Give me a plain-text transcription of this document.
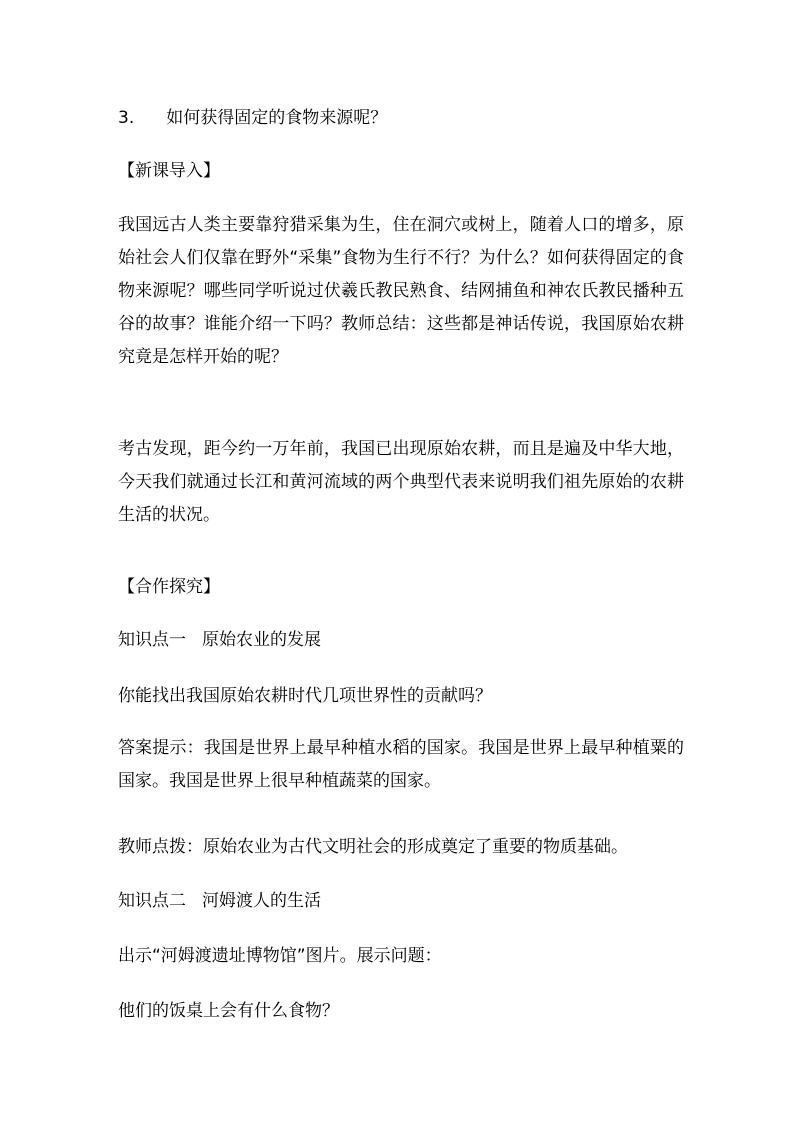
3. 如何获得固定的食物来源呢？
【新课导入】
我国远古人类主要靠狩猎采集为生，住在洞穴或树上，随着人口的增多，原始社会人们仅靠在野外“采集”食物为生行不行？为什么？如何获得固定的食物来源呢？哪些同学听说过伏羲氏教民熟食、结网捕鱼和神农氏教民播种五谷的故事？谁能介绍一下吗？教师总结：这些都是神话传说，我国原始农耕究竟是怎样开始的呢？
考古发现，距今约一万年前，我国已出现原始农耕，而且是遍及中华大地，今天我们就通过长江和黄河流域的两个典型代表来说明我们祖先原始的农耕生活的状况。
【合作探究】
知识点一 原始农业的发展
你能找出我国原始农耕时代几项世界性的贡献吗？
答案提示：我国是世界上最早种植水稻的国家。我国是世界上最早种植粟的国家。我国是世界上很早种植蔬菜的国家。
教师点拨：原始农业为古代文明社会的形成奠定了重要的物质基础。
知识点二 河姆渡人的生活
出示“河姆渡遗址博物馆”图片。展示问题：
他们的饭桌上会有什么食物？
